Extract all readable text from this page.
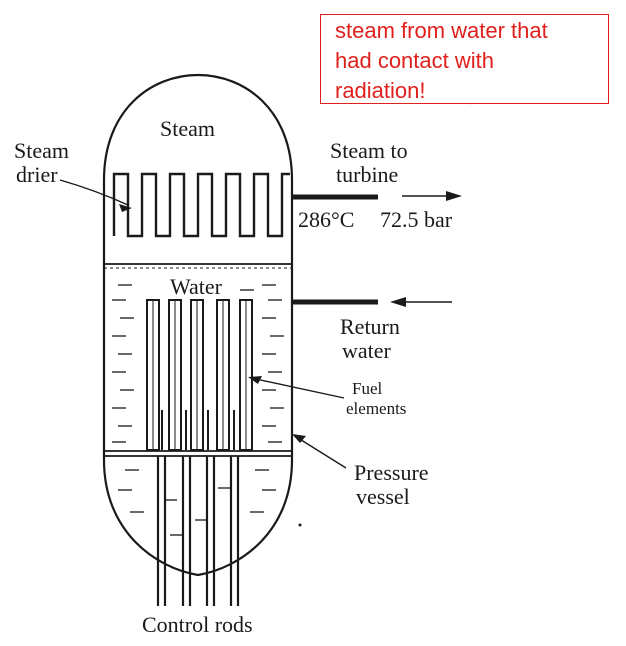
steam from water that
had contact with
radiation!
Steam
Steam
drier
Steam to
turbine
286°C 72.5 bar
Water
Return
water
Fuel
elements
Pressure
vessel
Control rods
